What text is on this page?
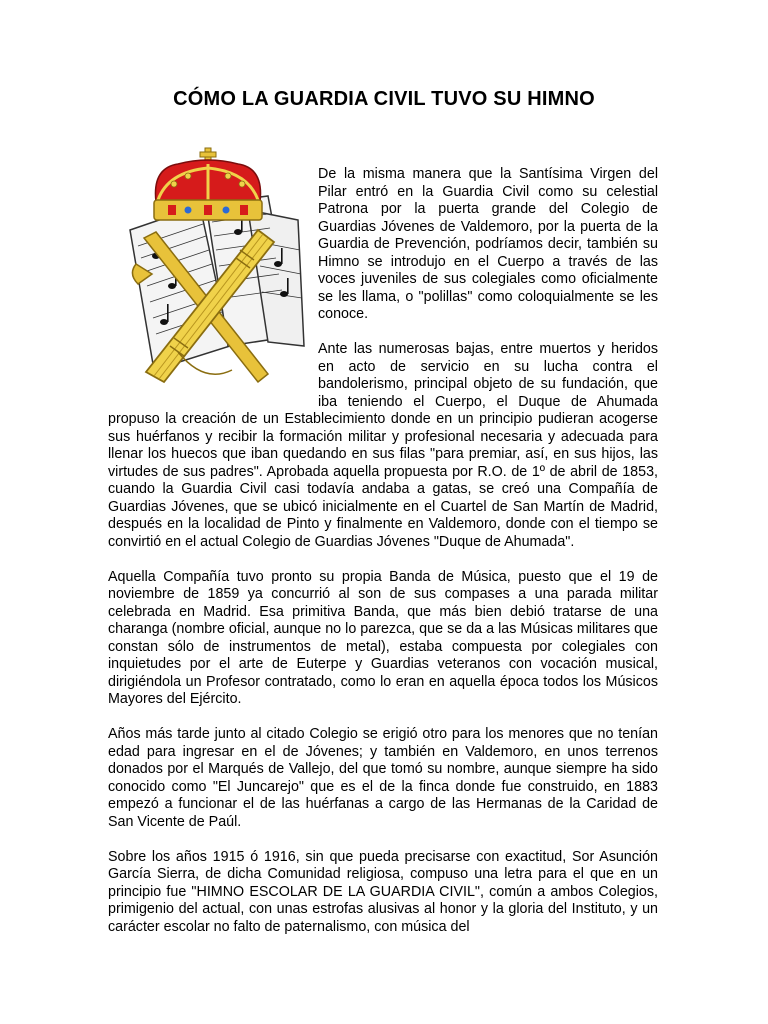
CÓMO LA GUARDIA CIVIL TUVO SU HIMNO

De la misma manera que la Santísima Virgen del Pilar entró en la Guardia Civil como su celestial Patrona por la puerta grande del Colegio de Guardias Jóvenes de Valdemoro, por la puerta de la Guardia de Prevención, podríamos decir, también su Himno se introdujo en el Cuerpo a través de las voces juveniles de sus colegiales como oficialmente se les llama, o "polillas" como coloquialmente se les conoce.

Ante las numerosas bajas, entre muertos y heridos en acto de servicio en su lucha contra el bandolerismo, principal objeto de su fundación, que iba teniendo el Cuerpo, el Duque de Ahumada propuso la creación de un Establecimiento donde en un principio pudieran acogerse sus huérfanos y recibir la formación militar y profesional necesaria y adecuada para llenar los huecos que iban quedando en sus filas "para premiar, así, en sus hijos, las virtudes de sus padres". Aprobada aquella propuesta por R.O. de 1º de abril de 1853, cuando la Guardia Civil casi todavía andaba a gatas, se creó una Compañía de Guardias Jóvenes, que se ubicó inicialmente en el Cuartel de San Martín de Madrid, después en la localidad de Pinto y finalmente en Valdemoro, donde con el tiempo se convirtió en el actual Colegio de Guardias Jóvenes "Duque de Ahumada".

Aquella Compañía tuvo pronto su propia Banda de Música, puesto que el 19 de noviembre de 1859 ya concurrió al son de sus compases a una parada militar celebrada en Madrid. Esa primitiva Banda, que más bien debió tratarse de una charanga (nombre oficial, aunque no lo parezca, que se da a las Músicas militares que constan sólo de instrumentos de metal), estaba compuesta por colegiales con inquietudes por el arte de Euterpe y Guardias veteranos con vocación musical, dirigiéndola un Profesor contratado, como lo eran en aquella época todos los Músicos Mayores del Ejército.

Años más tarde junto al citado Colegio se erigió otro para los menores que no tenían edad para ingresar en el de Jóvenes; y también en Valdemoro, en unos terrenos donados por el Marqués de Vallejo, del que tomó su nombre, aunque siempre ha sido conocido como "El Juncarejo" que es el de la finca donde fue construido, en 1883 empezó a funcionar el de las huérfanas a cargo de las Hermanas de la Caridad de San Vicente de Paúl.

Sobre los años 1915 ó 1916, sin que pueda precisarse con exactitud, Sor Asunción García Sierra, de dicha Comunidad religiosa, compuso una letra para el que en un principio fue "HIMNO ESCOLAR DE LA GUARDIA CIVIL", común a ambos Colegios, primigenio del actual, con unas estrofas alusivas al honor y la gloria del Instituto, y un carácter escolar no falto de paternalismo, con música del
